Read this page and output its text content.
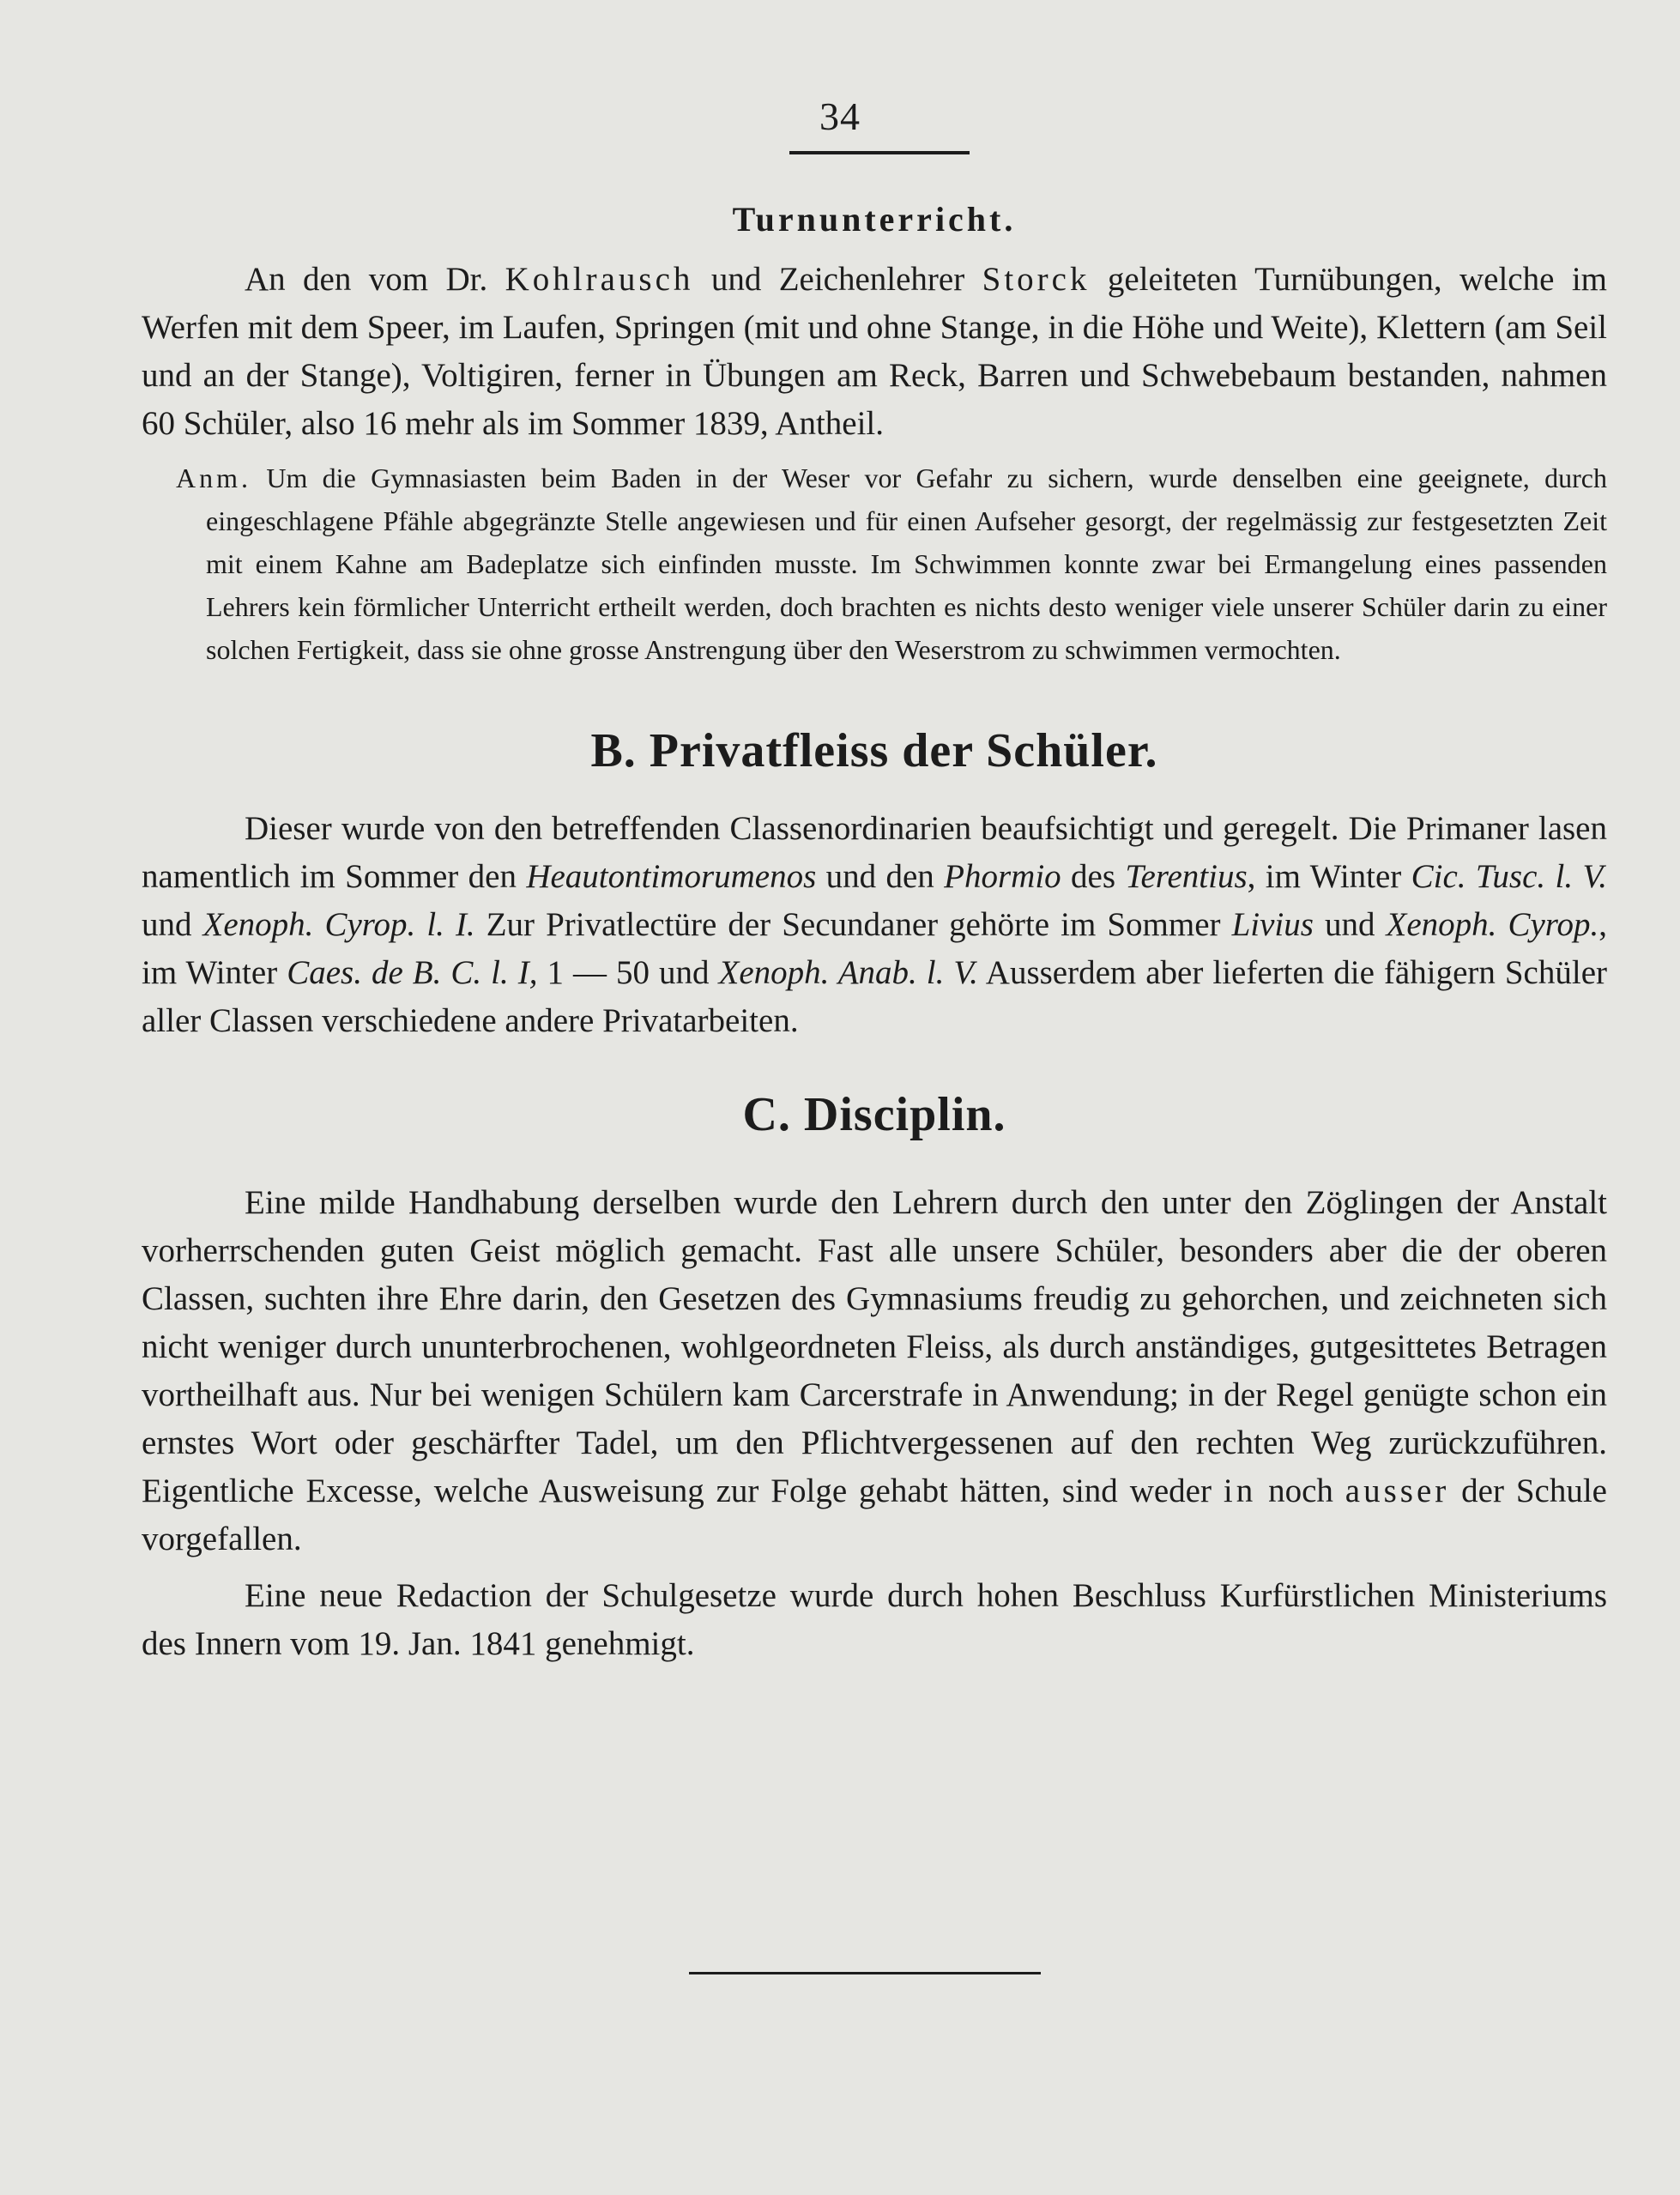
34
Turnunterricht.

An den vom Dr. Kohlrausch und Zeichenlehrer Storck geleiteten Turnübungen, welche im Werfen mit dem Speer, im Laufen, Springen (mit und ohne Stange, in die Höhe und Weite), Klettern (am Seil und an der Stange), Voltigiren, ferner in Übungen am Reck, Barren und Schwebebaum bestanden, nahmen 60 Schüler, also 16 mehr als im Sommer 1839, Antheil.

Anm. Um die Gymnasiasten beim Baden in der Weser vor Gefahr zu sichern, wurde denselben eine geeignete, durch eingeschlagene Pfähle abgegränzte Stelle angewiesen und für einen Aufseher gesorgt, der regelmässig zur festgesetzten Zeit mit einem Kahne am Badeplatze sich einfinden musste. Im Schwimmen konnte zwar bei Ermangelung eines passenden Lehrers kein förmlicher Unterricht ertheilt werden, doch brachten es nichts desto weniger viele unserer Schüler darin zu einer solchen Fertigkeit, dass sie ohne grosse Anstrengung über den Weserstrom zu schwimmen vermochten.

B. Privatfleiss der Schüler.

Dieser wurde von den betreffenden Classenordinarien beaufsichtigt und geregelt. Die Primaner lasen namentlich im Sommer den Heautontimorumenos und den Phormio des Terentius, im Winter Cic. Tusc. l. V. und Xenoph. Cyrop. l. I. Zur Privatlectüre der Secundaner gehörte im Sommer Livius und Xenoph. Cyrop., im Winter Caes. de B. C. l. I, 1 — 50 und Xenoph. Anab. l. V. Ausserdem aber lieferten die fähigern Schüler aller Classen verschiedene andere Privatarbeiten.

C. Disciplin.

Eine milde Handhabung derselben wurde den Lehrern durch den unter den Zöglingen der Anstalt vorherrschenden guten Geist möglich gemacht. Fast alle unsere Schüler, besonders aber die der oberen Classen, suchten ihre Ehre darin, den Gesetzen des Gymnasiums freudig zu gehorchen, und zeichneten sich nicht weniger durch ununterbrochenen, wohlgeordneten Fleiss, als durch anständiges, gutgesittetes Betragen vortheilhaft aus. Nur bei wenigen Schülern kam Carcerstrafe in Anwendung; in der Regel genügte schon ein ernstes Wort oder geschärfter Tadel, um den Pflichtvergessenen auf den rechten Weg zurückzuführen. Eigentliche Excesse, welche Ausweisung zur Folge gehabt hätten, sind weder in noch ausser der Schule vorgefallen.

Eine neue Redaction der Schulgesetze wurde durch hohen Beschluss Kurfürstlichen Ministeriums des Innern vom 19. Jan. 1841 genehmigt.
